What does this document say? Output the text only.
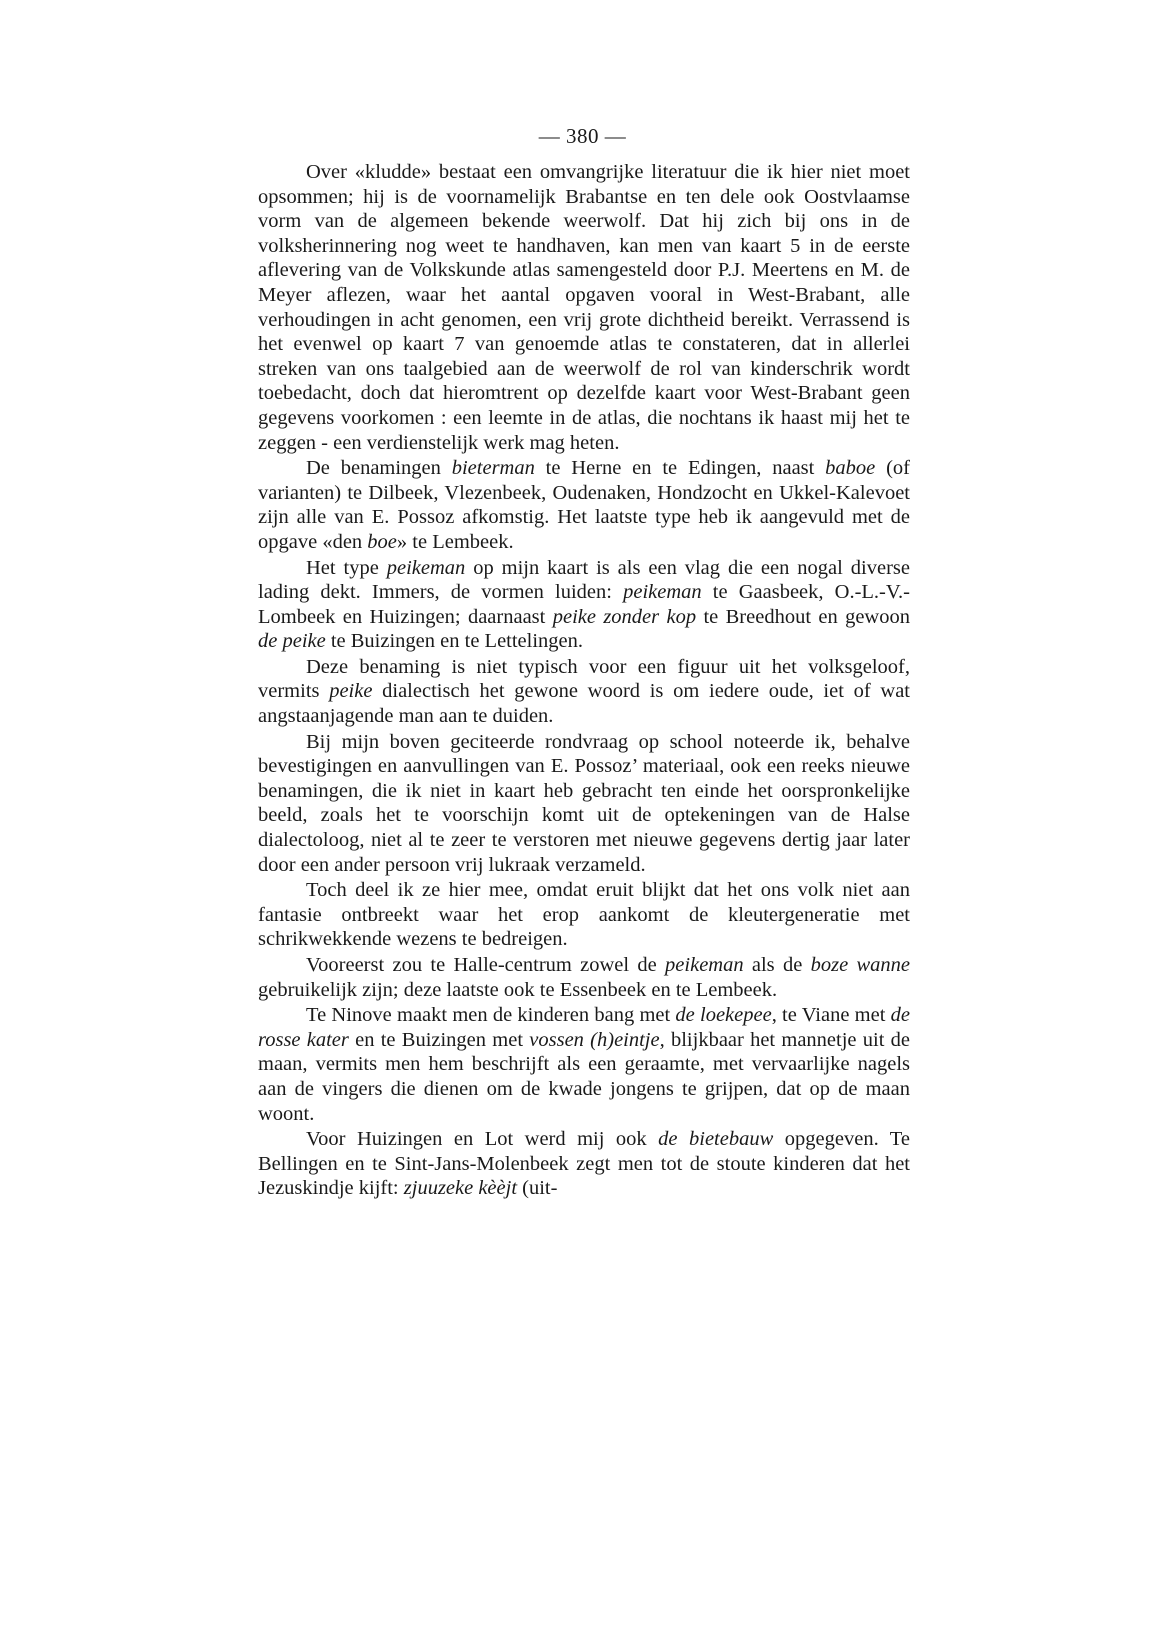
— 380 —

Over «kludde» bestaat een omvangrijke literatuur die ik hier niet moet opsommen; hij is de voornamelijk Brabantse en ten dele ook Oostvlaamse vorm van de algemeen bekende weerwolf. Dat hij zich bij ons in de volksherinnering nog weet te handhaven, kan men van kaart 5 in de eerste aflevering van de Volkskunde atlas samengesteld door P.J. Meertens en M. de Meyer aflezen, waar het aantal opgaven vooral in West-Brabant, alle verhoudingen in acht genomen, een vrij grote dichtheid bereikt. Verrassend is het evenwel op kaart 7 van genoemde atlas te constateren, dat in allerlei streken van ons taalgebied aan de weerwolf de rol van kinderschrik wordt toebedacht, doch dat hieromtrent op dezelfde kaart voor West-Brabant geen gegevens voorkomen : een leemte in de atlas, die nochtans ik haast mij het te zeggen - een verdienstelijk werk mag heten.

De benamingen bieterman te Herne en te Edingen, naast baboe (of varianten) te Dilbeek, Vlezenbeek, Oudenaken, Hondzocht en Ukkel-Kalevoet zijn alle van E. Possoz afkomstig. Het laatste type heb ik aangevuld met de opgave «den boe» te Lembeek.

Het type peikeman op mijn kaart is als een vlag die een nogal diverse lading dekt. Immers, de vormen luiden: peikeman te Gaasbeek, O.-L.-V.-Lombeek en Huizingen; daarnaast peike zonder kop te Breedhout en gewoon de peike te Buizingen en te Lettelingen.

Deze benaming is niet typisch voor een figuur uit het volksgeloof, vermits peike dialectisch het gewone woord is om iedere oude, iet of wat angstaanjagende man aan te duiden.

Bij mijn boven geciteerde rondvraag op school noteerde ik, behalve bevestigingen en aanvullingen van E. Possoz’ materiaal, ook een reeks nieuwe benamingen, die ik niet in kaart heb gebracht ten einde het oorspronkelijke beeld, zoals het te voorschijn komt uit de optekeningen van de Halse dialectoloog, niet al te zeer te verstoren met nieuwe gegevens dertig jaar later door een ander persoon vrij lukraak verzameld.

Toch deel ik ze hier mee, omdat eruit blijkt dat het ons volk niet aan fantasie ontbreekt waar het erop aankomt de kleutergeneratie met schrikwekkende wezens te bedreigen.

Vooreerst zou te Halle-centrum zowel de peikeman als de boze wanne gebruikelijk zijn; deze laatste ook te Essenbeek en te Lembeek.

Te Ninove maakt men de kinderen bang met de loekepee, te Viane met de rosse kater en te Buizingen met vossen (h)eintje, blijkbaar het mannetje uit de maan, vermits men hem beschrijft als een geraamte, met vervaarlijke nagels aan de vingers die dienen om de kwade jongens te grijpen, dat op de maan woont.

Voor Huizingen en Lot werd mij ook de bietebauw opgegeven. Te Bellingen en te Sint-Jans-Molenbeek zegt men tot de stoute kinderen dat het Jezuskindje kijft: zjuuzeke kèèjt (uit-
